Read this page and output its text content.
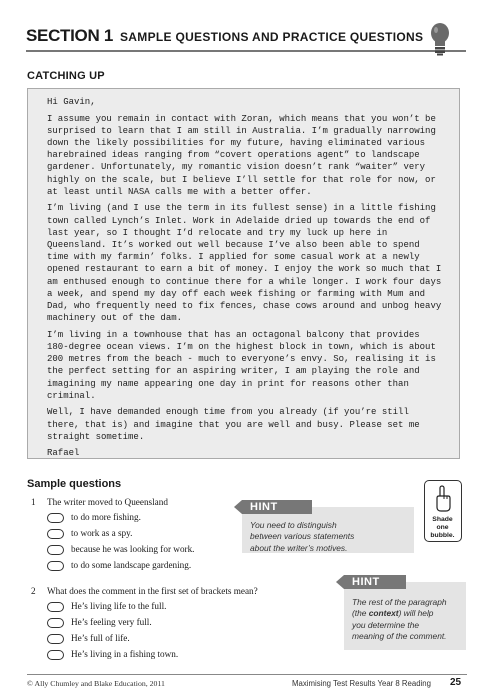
SECTION 1 SAMPLE QUESTIONS AND PRACTICE QUESTIONS
CATCHING UP

Hi Gavin,

I assume you remain in contact with Zoran, which means that you won’t be surprised to learn that I am still in Australia. I’m gradually narrowing down the likely possibilities for my future, having eliminated various harebrained ideas ranging from “covert operations agent” to landscape gardener. Unfortunately, my romantic vision doesn’t rank “waiter” very highly on the scale, but I believe I’ll settle for that role for now, or at least until NASA calls me with a better offer.

I’m living (and I use the term in its fullest sense) in a little fishing town called Lynch’s Inlet. Work in Adelaide dried up towards the end of last year, so I thought I’d relocate and try my luck up here in Queensland. It’s worked out well because I’ve also been able to spend time with my farmin’ folks. I applied for some casual work at a newly opened restaurant to earn a bit of money. I enjoy the work so much that I am enthused enough to continue there for a while longer. I work four days a week, and spend my day off each week fishing or farming with Mum and Dad, who frequently need to fix fences, chase cows around and unbog heavy machinery out of the dam.

I’m living in a townhouse that has an octagonal balcony that provides 180-degree ocean views. I’m on the highest block in town, which is about 200 metres from the beach - much to everyone’s envy. So, realising it is the perfect setting for an aspiring writer, I am playing the role and imagining my name appearing one day in print for reasons other than criminal.

Well, I have demanded enough time from you already (if you’re still there, that is) and imagine that you are well and busy. Please set me straight sometime.

Rafael

Sample questions
1 The writer moved to Queensland
to do more fishing.
to work as a spy.
because he was looking for work.
to do some landscape gardening.
You need to distinguish
between various statements
about the writer’s motives.
HINT
Shade
one
bubble.
2 What does the comment in the first set of brackets mean?
He’s living life to the full.
He’s feeling very full.
He’s full of life.
He’s living in a fishing town.
The rest of the paragraph
(the context) will help
you determine the
meaning of the comment.
HINT
© Ally Chumley and Blake Education, 2011	Maximising Test Results Year 8 Reading 25
